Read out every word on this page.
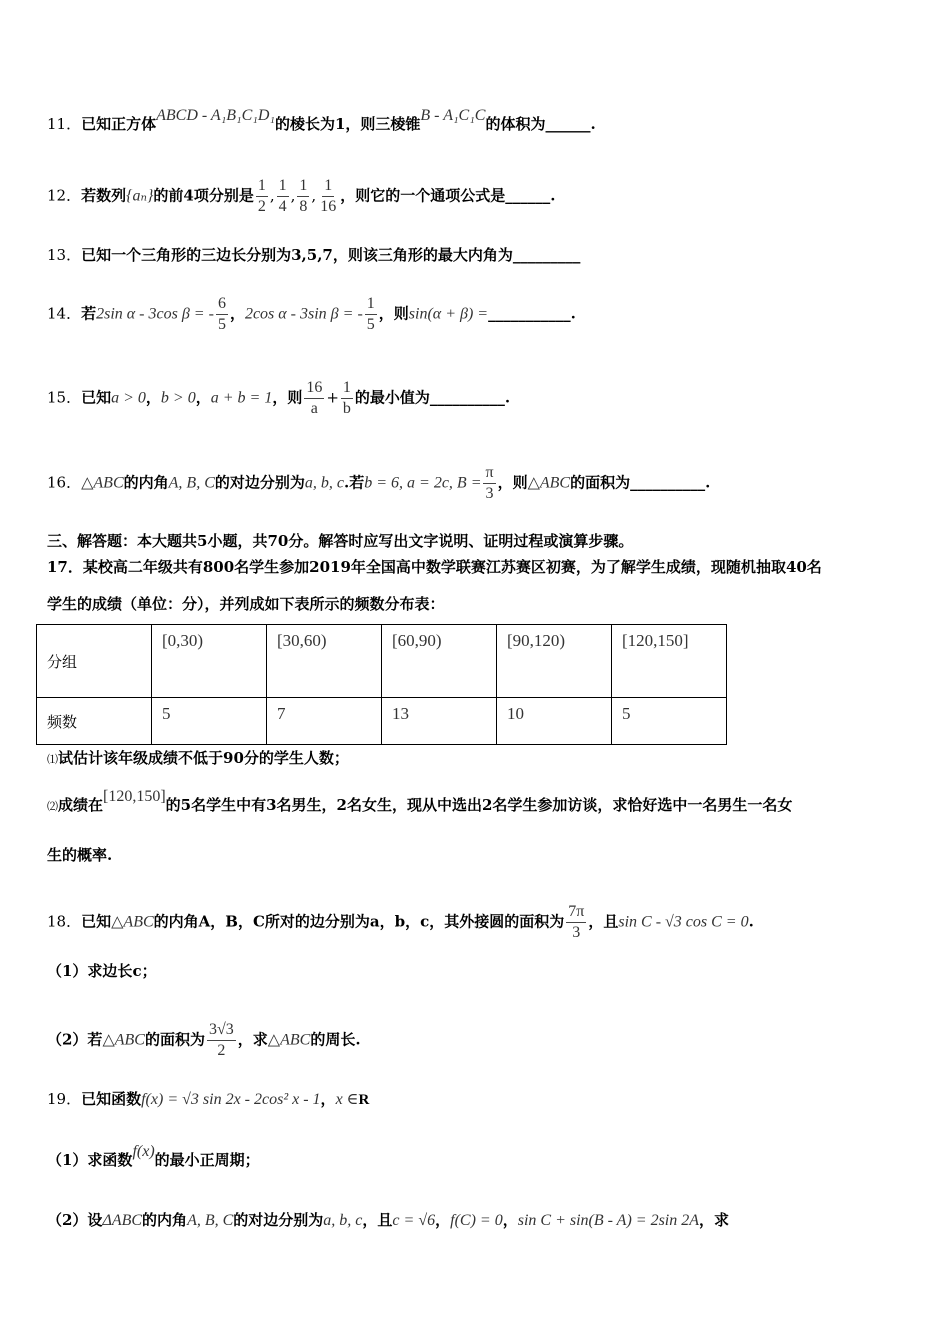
11．已知正方体ABCD - A₁B₁C₁D₁的棱长为1，则三棱锥B - A₁C₁C的体积为______.
12．若数列{aₙ}的前4项分别是 $\frac{1}{2}$ , $\frac{1}{4}$ , $\frac{1}{8}$ , $\frac{1}{16}$ ，则它的一个通项公式是______.
13．已知一个三角形的三边长分别为3,5,7，则该三角形的最大内角为_________
14．若2sin α - 3cos β = - $\frac{6}{5}$ ，2cos α - 3sin β = - $\frac{1}{5}$ ，则sin(α + β) =___________.
15．已知a > 0，b > 0，a + b = 1，则 $\frac{16}{a} + \frac{1}{b}$ 的最小值为__________.
16．△ABC的内角A, B, C的对边分别为a, b, c.若b = 6, a = 2c, $B = \frac{\pi}{3}$ ，则△ABC的面积为__________.
三、解答题：本大题共5小题，共70分。解答时应写出文字说明、证明过程或演算步骤。
17．某校高二年级共有800名学生参加2019年全国高中数学联赛江苏赛区初赛，为了解学生成绩，现随机抽取40名
学生的成绩（单位：分），并列成如下表所示的频数分布表：
分组	[0,30)	[30,60)	[60,90)	[90,120)	[120,150]
频数	5	7	13	10	5
⑴试估计该年级成绩不低于90分的学生人数；
⑵成绩在[120,150]的5名学生中有3名男生，2名女生，现从中选出2名学生参加访谈，求恰好选中一名男生一名女
生的概率.
18．已知△ABC的内角A，B，C所对的边分别为a，b，c，其外接圆的面积为 $\frac{7\pi}{3}$ ，且sin C - √3 cos C = 0.
（1）求边长c；
（2）若△ABC的面积为 $\frac{3√3}{2}$ ，求△ABC的周长.
19．已知函数f(x) = √3 sin 2x - 2cos² x - 1，x ∈R
（1）求函数f(x)的最小正周期；
（2）设ΔABC的内角A, B, C的对边分别为a, b, c，且c = √6，f(C) = 0，sin C + sin(B - A) = 2sin 2A，求
